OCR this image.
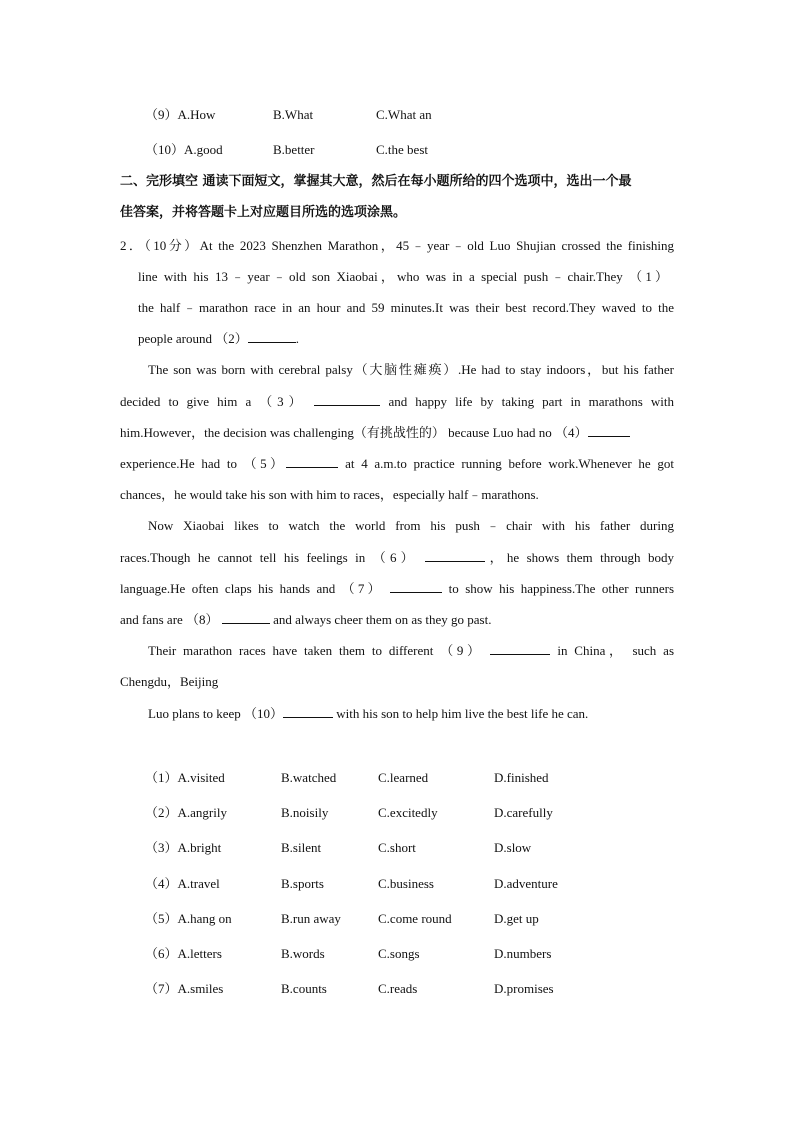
（9）A.How	B.What	C.What an
（10）A.good	B.better	C.the best
二、完形填空 通读下面短文，掌握其大意，然后在每小题所给的四个选项中，选出一个最
佳答案，并将答题卡上对应题目所选的选项涂黑。
2．（10分）At the 2023 Shenzhen Marathon，45﹣year﹣old Luo Shujian crossed the finishing
line with his 13﹣year﹣old son Xiaobai，who was in a special push﹣chair.They （1）
the half﹣marathon race in an hour and 59 minutes.It was their best record.They waved to the
people around （2）	.
The son was born with cerebral palsy（大脑性瘫痪）.He had to stay indoors，but his father
decided to give him a （3）	and happy life by taking part in marathons with
him.However，the decision was challenging（有挑战性的） because Luo had no （4）
experience.He had to （5）	at 4 a.m.to practice running before work.Whenever he got
chances，he would take his son with him to races，especially half﹣marathons.
Now Xiaobai likes to watch the world from his push﹣chair with his father during
races.Though he cannot tell his feelings in （6）	，he shows them through body
language.He often claps his hands and （7）	to show his happiness.The other runners
and fans are （8）	and always cheer them on as they go past.
Their marathon races have taken them to different （9）	in China， such as
Chengdu，Beijing
Luo plans to keep （10）	with his son to help him live the best life he can.
（1）A.visited	B.watched	C.learned	D.finished
（2）A.angrily	B.noisily	C.excitedly	D.carefully
（3）A.bright	B.silent	C.short	D.slow
（4）A.travel	B.sports	C.business	D.adventure
（5）A.hang on	B.run away	C.come round	D.get up
（6）A.letters	B.words	C.songs	D.numbers
（7）A.smiles	B.counts	C.reads	D.promises
